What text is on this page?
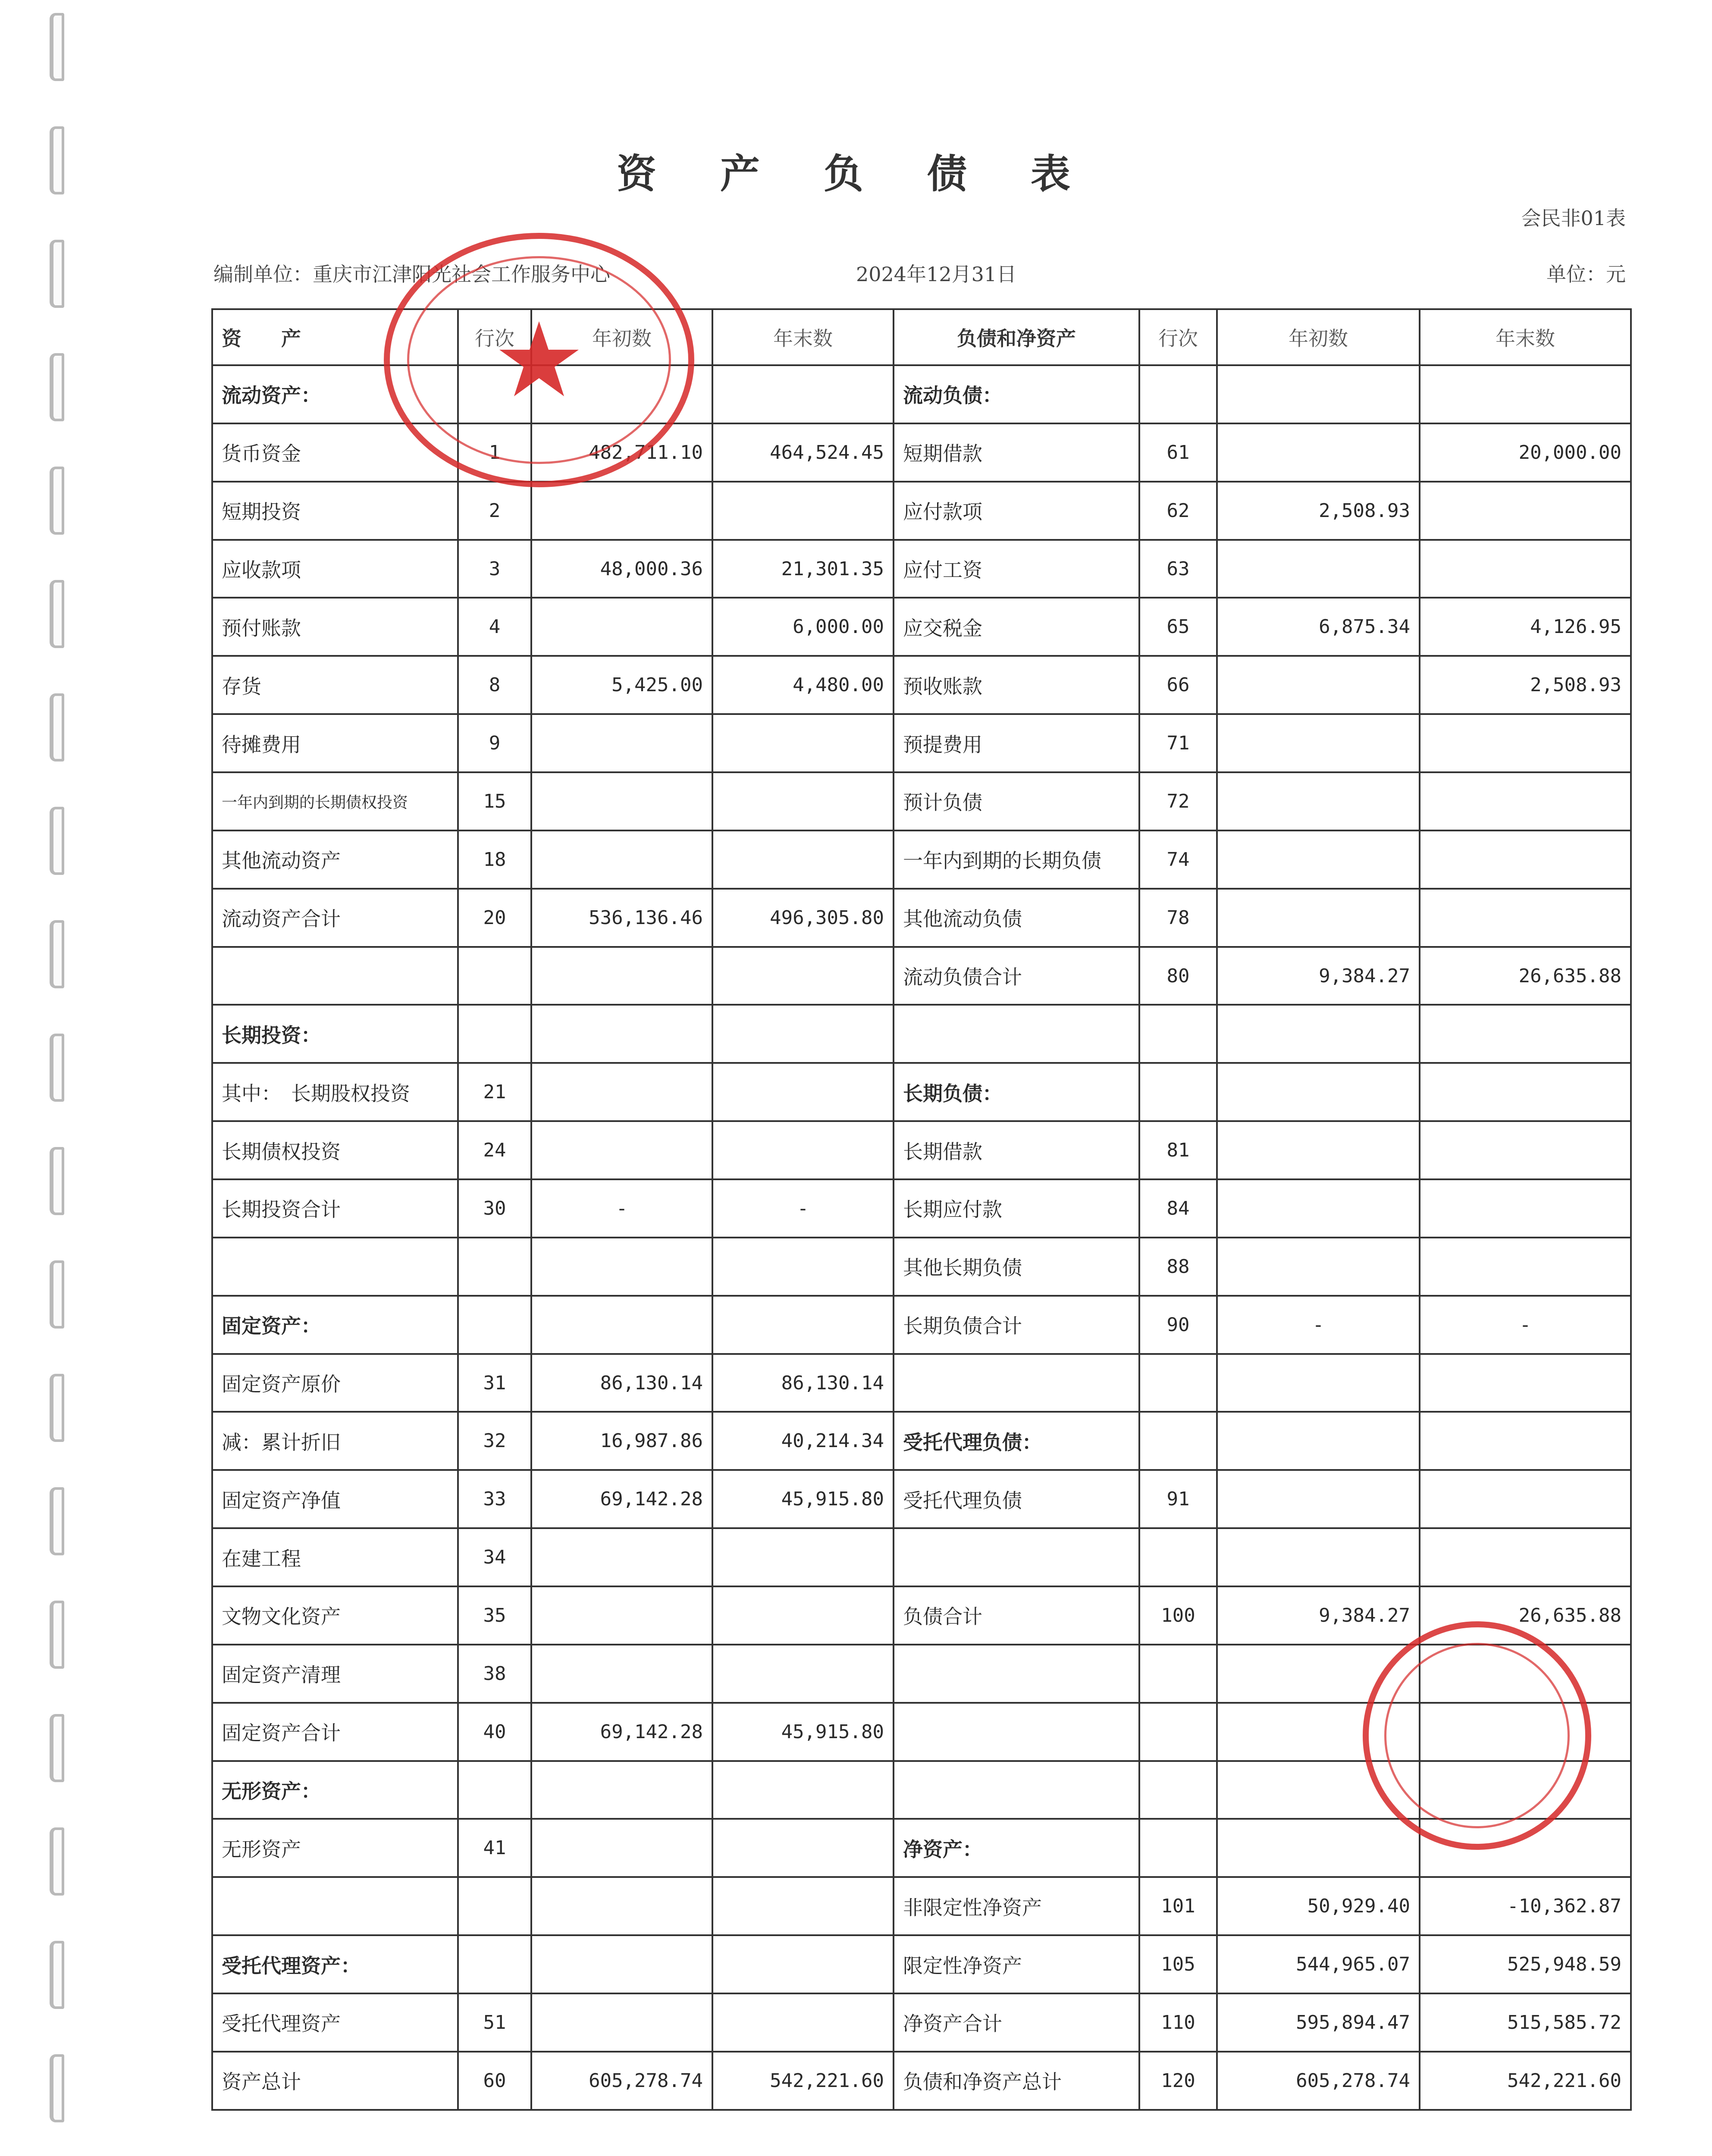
资 产 负 债 表
会民非01表
编制单位：重庆市江津阳光社会工作服务中心	2024年12月31日	单位：元
资　　产	行次	年初数	年末数	负债和净资产	行次	年初数	年末数
流动资产：				流动负债：			
货币资金	1	482,711.10	464,524.45	短期借款	61		20,000.00
短期投资	2			应付款项	62	2,508.93	
应收款项	3	48,000.36	21,301.35	应付工资	63		
预付账款	4		6,000.00	应交税金	65	6,875.34	4,126.95
存货	8	5,425.00	4,480.00	预收账款	66		2,508.93
待摊费用	9			预提费用	71		
一年内到期的长期债权投资	15			预计负债	72		
其他流动资产	18			一年内到期的长期负债	74		
流动资产合计	20	536,136.46	496,305.80	其他流动负债	78		
				流动负债合计	80	9,384.27	26,635.88
长期投资：							
其中：　长期股权投资	21			长期负债：			
长期债权投资	24			长期借款	81		
长期投资合计	30	-	-	长期应付款	84		
				其他长期负债	88		
固定资产：				长期负债合计	90	-	-
固定资产原价	31	86,130.14	86,130.14				
减：累计折旧	32	16,987.86	40,214.34	受托代理负债：			
固定资产净值	33	69,142.28	45,915.80	受托代理负债	91		
在建工程	34						
文物文化资产	35			负债合计	100	9,384.27	26,635.88
固定资产清理	38						
固定资产合计	40	69,142.28	45,915.80				
无形资产：							
无形资产	41			净资产：			
				非限定性净资产	101	50,929.40	-10,362.87
受托代理资产：				限定性净资产	105	544,965.07	525,948.59
受托代理资产	51			净资产合计	110	595,894.47	515,585.72
资产总计	60	605,278.74	542,221.60	负债和净资产总计	120	605,278.74	542,221.60
